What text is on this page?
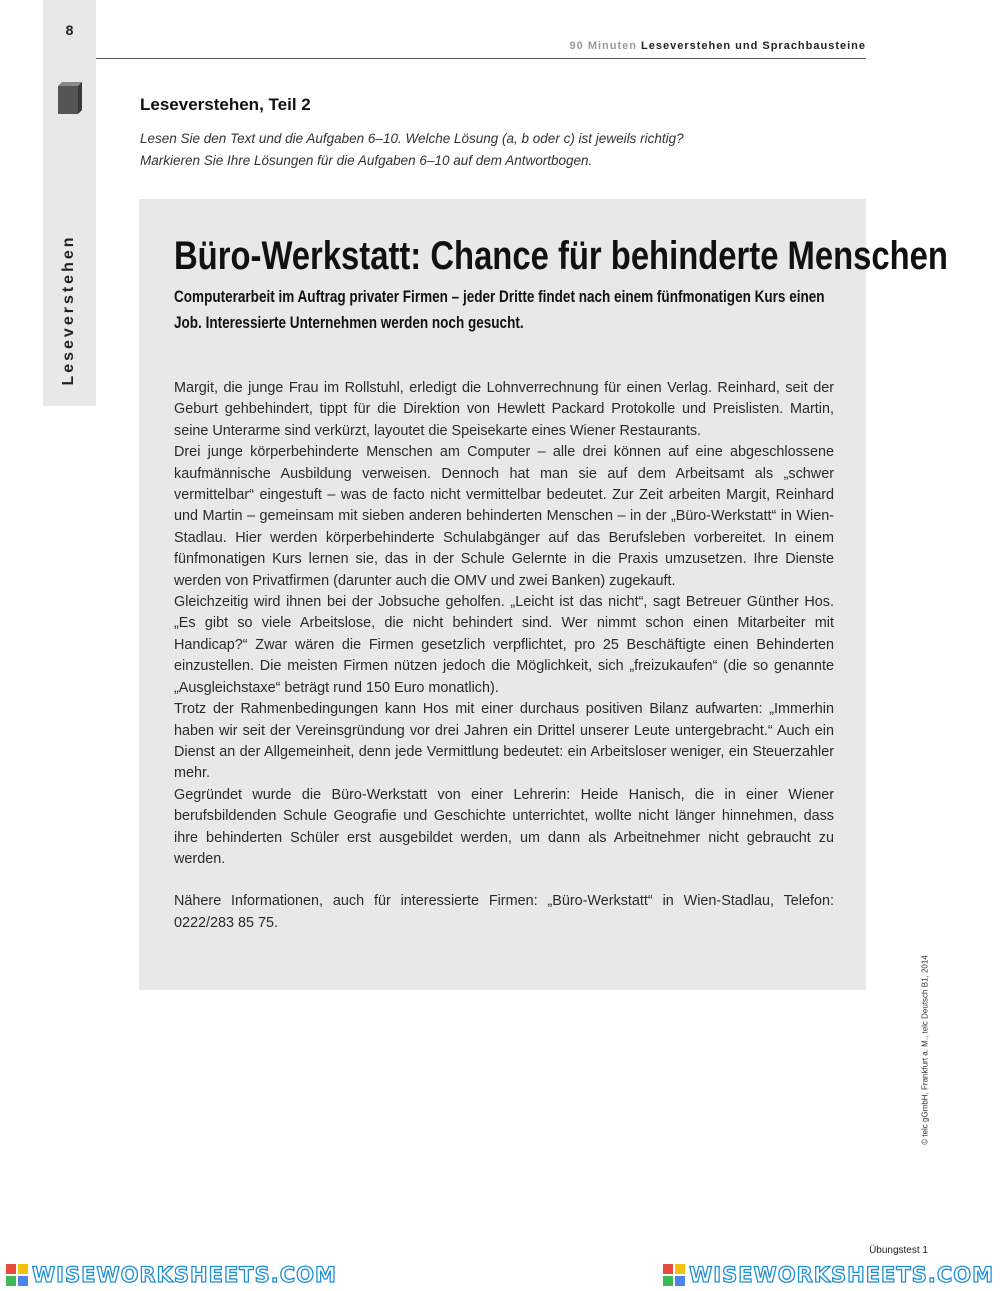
8
Leseverstehen
90 Minuten Leseverstehen und Sprachbausteine
Leseverstehen, Teil 2

Lesen Sie den Text und die Aufgaben 6–10. Welche Lösung (a, b oder c) ist jeweils richtig?

Markieren Sie Ihre Lösungen für die Aufgaben 6–10 auf dem Antwortbogen.

Büro-Werkstatt: Chance für behinderte Menschen

Computerarbeit im Auftrag privater Firmen – jeder Dritte findet nach einem fünfmonatigen Kurs einen

Job. Interessierte Unternehmen werden noch gesucht.

Margit, die junge Frau im Rollstuhl, erledigt die Lohnverrechnung für einen Verlag. Reinhard, seit der Geburt gehbehindert, tippt für die Direktion von Hewlett Packard Protokolle und Preislisten. Martin, seine Unterarme sind verkürzt, layoutet die Speisekarte eines Wiener Restaurants.

Drei junge körperbehinderte Menschen am Computer – alle drei können auf eine abgeschlossene kaufmännische Ausbildung verweisen. Dennoch hat man sie auf dem Arbeitsamt als „schwer vermittelbar“ eingestuft – was de facto nicht vermittelbar bedeutet. Zur Zeit arbeiten Margit, Reinhard und Martin – gemeinsam mit sieben anderen behinderten Menschen – in der „Büro-Werkstatt“ in Wien-Stadlau. Hier werden körperbehinderte Schulabgänger auf das Berufsleben vorbereitet. In einem fünfmonatigen Kurs lernen sie, das in der Schule Gelernte in die Praxis umzusetzen. Ihre Dienste werden von Privatfirmen (darunter auch die OMV und zwei Banken) zugekauft.

Gleichzeitig wird ihnen bei der Jobsuche geholfen. „Leicht ist das nicht“, sagt Betreuer Günther Hos. „Es gibt so viele Arbeitslose, die nicht behindert sind. Wer nimmt schon einen Mitarbeiter mit Handicap?“ Zwar wären die Firmen gesetzlich verpflichtet, pro 25 Beschäftigte einen Behinderten einzustellen. Die meisten Firmen nützen jedoch die Möglichkeit, sich „freizukaufen“ (die so genannte „Ausgleichstaxe“ beträgt rund 150 Euro monatlich).

Trotz der Rahmenbedingungen kann Hos mit einer durchaus positiven Bilanz aufwarten: „Immerhin haben wir seit der Vereinsgründung vor drei Jahren ein Drittel unserer Leute untergebracht.“ Auch ein Dienst an der Allgemeinheit, denn jede Vermittlung bedeutet: ein Arbeitsloser weniger, ein Steuerzahler mehr.

Gegründet wurde die Büro-Werkstatt von einer Lehrerin: Heide Hanisch, die in einer Wiener berufsbildenden Schule Geografie und Geschichte unterrichtet, wollte nicht länger hinnehmen, dass ihre behinderten Schüler erst ausgebildet werden, um dann als Arbeitnehmer nicht gebraucht zu werden.

Nähere Informationen, auch für interessierte Firmen: „Büro-Werkstatt“ in Wien-Stadlau, Telefon: 0222/283 85 75.

© telc gGmbH, Frankfurt a. M., telc Deutsch B1, 2014
Übungstest 1
WISEWORKSHEETS.COM	WISEWORKSHEETS.COM
